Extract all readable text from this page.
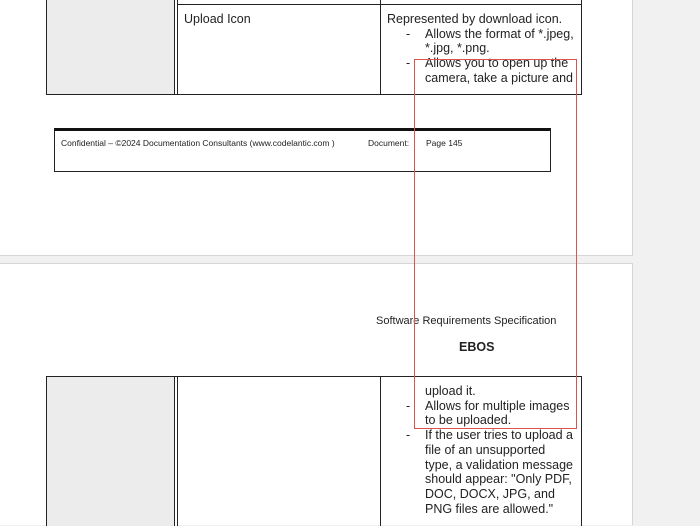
Upload Icon	Represented by download icon.
- Allows the format of *.jpeg, *.jpg, *.png.
- Allows you to open up the camera, take a picture and
Confidential – ©2024 Documentation Consultants (www.codelantic.com )	Document: Page 145
Software Requirements Specification
EBOS
upload it.
- Allows for multiple images to be uploaded.
- If the user tries to upload a file of an unsupported type, a validation message should appear: "Only PDF, DOC, DOCX, JPG, and PNG files are allowed."
